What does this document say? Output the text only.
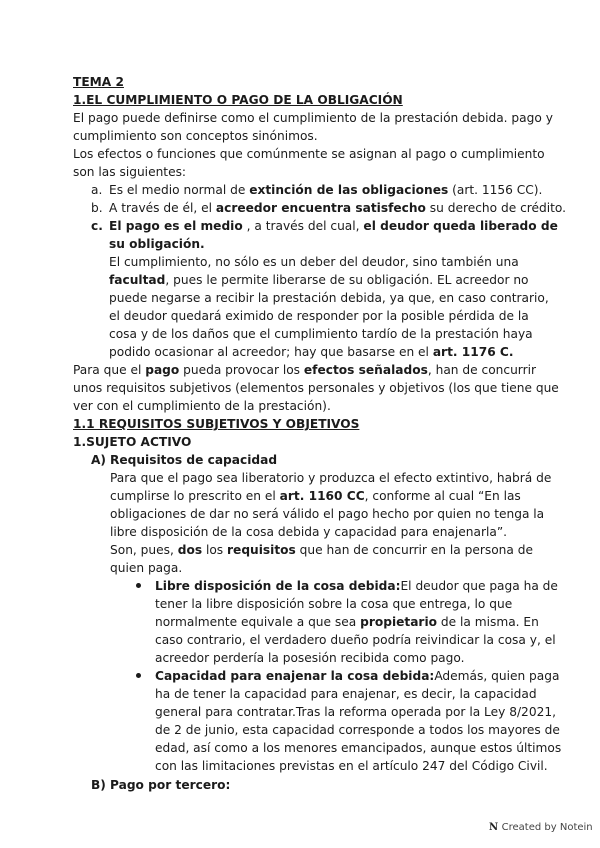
TEMA 2
1.EL CUMPLIMIENTO O PAGO DE LA OBLIGACIÓN
El pago puede definirse como el cumplimiento de la prestación debida. pago y
cumplimiento son conceptos sinónimos.
Los efectos o funciones que comúnmente se asignan al pago o cumplimiento
son las siguientes:
a. Es el medio normal de extinción de las obligaciones (art. 1156 CC).
b. A través de él, el acreedor encuentra satisfecho su derecho de crédito.
c. El pago es el medio , a través del cual, el deudor queda liberado de
su obligación.
El cumplimiento, no sólo es un deber del deudor, sino también una
facultad, pues le permite liberarse de su obligación. EL acreedor no
puede negarse a recibir la prestación debida, ya que, en caso contrario,
el deudor quedará eximido de responder por la posible pérdida de la
cosa y de los daños que el cumplimiento tardío de la prestación haya
podido ocasionar al acreedor; hay que basarse en el art. 1176 C.
Para que el pago pueda provocar los efectos señalados, han de concurrir
unos requisitos subjetivos (elementos personales y objetivos (los que tiene que
ver con el cumplimiento de la prestación).
1.1 REQUISITOS SUBJETIVOS Y OBJETIVOS
1.SUJETO ACTIVO
A) Requisitos de capacidad
Para que el pago sea liberatorio y produzca el efecto extintivo, habrá de
cumplirse lo prescrito en el art. 1160 CC, conforme al cual “En las
obligaciones de dar no será válido el pago hecho por quien no tenga la
libre disposición de la cosa debida y capacidad para enajenarla”.
Son, pues, dos los requisitos que han de concurrir en la persona de
quien paga.
Libre disposición de la cosa debida:El deudor que paga ha de
tener la libre disposición sobre la cosa que entrega, lo que
normalmente equivale a que sea propietario de la misma. En
caso contrario, el verdadero dueño podría reivindicar la cosa y, el
acreedor perdería la posesión recibida como pago.
Capacidad para enajenar la cosa debida:Además, quien paga
ha de tener la capacidad para enajenar, es decir, la capacidad
general para contratar.Tras la reforma operada por la Ley 8/2021,
de 2 de junio, esta capacidad corresponde a todos los mayores de
edad, así como a los menores emancipados, aunque estos últimos
con las limitaciones previstas en el artículo 247 del Código Civil.
B) Pago por tercero:
N Created by Notein
